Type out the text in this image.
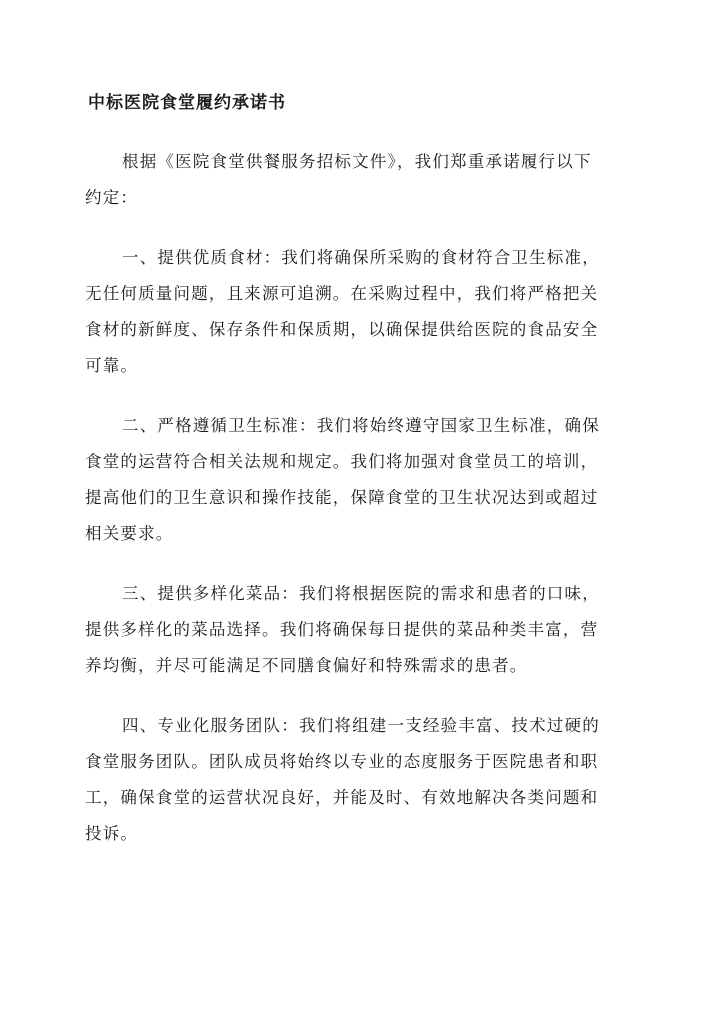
中标医院食堂履约承诺书

根据《医院食堂供餐服务招标文件》，我们郑重承诺履行以下
约定：

一、提供优质食材：我们将确保所采购的食材符合卫生标准，
无任何质量问题，且来源可追溯。在采购过程中，我们将严格把关
食材的新鲜度、保存条件和保质期，以确保提供给医院的食品安全
可靠。

二、严格遵循卫生标准：我们将始终遵守国家卫生标准，确保
食堂的运营符合相关法规和规定。我们将加强对食堂员工的培训，
提高他们的卫生意识和操作技能，保障食堂的卫生状况达到或超过
相关要求。

三、提供多样化菜品：我们将根据医院的需求和患者的口味，
提供多样化的菜品选择。我们将确保每日提供的菜品种类丰富，营
养均衡，并尽可能满足不同膳食偏好和特殊需求的患者。

四、专业化服务团队：我们将组建一支经验丰富、技术过硬的
食堂服务团队。团队成员将始终以专业的态度服务于医院患者和职
工，确保食堂的运营状况良好，并能及时、有效地解决各类问题和
投诉。
